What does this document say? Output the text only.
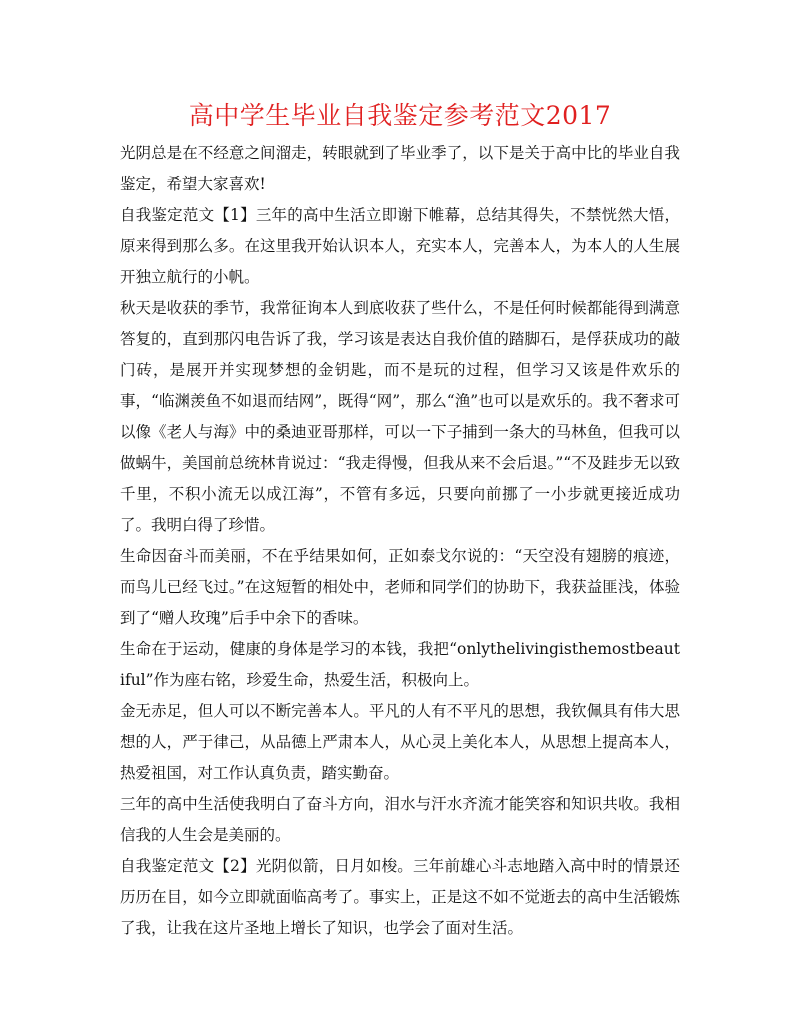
高中学生毕业自我鉴定参考范文2017

光阴总是在不经意之间溜走，转眼就到了毕业季了，以下是关于高中比的毕业自我鉴定，希望大家喜欢!

自我鉴定范文【1】三年的高中生活立即谢下帷幕，总结其得失，不禁恍然大悟，原来得到那么多。在这里我开始认识本人，充实本人，完善本人，为本人的人生展开独立航行的小帆。

秋天是收获的季节，我常征询本人到底收获了些什么，不是任何时候都能得到满意答复的，直到那闪电告诉了我，学习该是表达自我价值的踏脚石，是俘获成功的敲门砖，是展开并实现梦想的金钥匙，而不是玩的过程，但学习又该是件欢乐的事，“临渊羡鱼不如退而结网”，既得“网”，那么“渔”也可以是欢乐的。我不奢求可以像《老人与海》中的桑迪亚哥那样，可以一下子捕到一条大的马林鱼，但我可以做蜗牛，美国前总统林肯说过：“我走得慢，但我从来不会后退。”“不及跬步无以致千里，不积小流无以成江海”，不管有多远，只要向前挪了一小步就更接近成功了。我明白得了珍惜。

生命因奋斗而美丽，不在乎结果如何，正如泰戈尔说的：“天空没有翅膀的痕迹，而鸟儿已经飞过。”在这短暂的相处中，老师和同学们的协助下，我获益匪浅，体验到了“赠人玫瑰”后手中余下的香味。

生命在于运动，健康的身体是学习的本钱，我把“onlythelivingisthemostbeautiful”作为座右铭，珍爱生命，热爱生活，积极向上。

金无赤足，但人可以不断完善本人。平凡的人有不平凡的思想，我钦佩具有伟大思想的人，严于律己，从品德上严肃本人，从心灵上美化本人，从思想上提高本人，热爱祖国，对工作认真负责，踏实勤奋。

三年的高中生活使我明白了奋斗方向，泪水与汗水齐流才能笑容和知识共收。我相信我的人生会是美丽的。

自我鉴定范文【2】光阴似箭，日月如梭。三年前雄心斗志地踏入高中时的情景还历历在目，如今立即就面临高考了。事实上，正是这不如不觉逝去的高中生活锻炼了我，让我在这片圣地上增长了知识，也学会了面对生活。
